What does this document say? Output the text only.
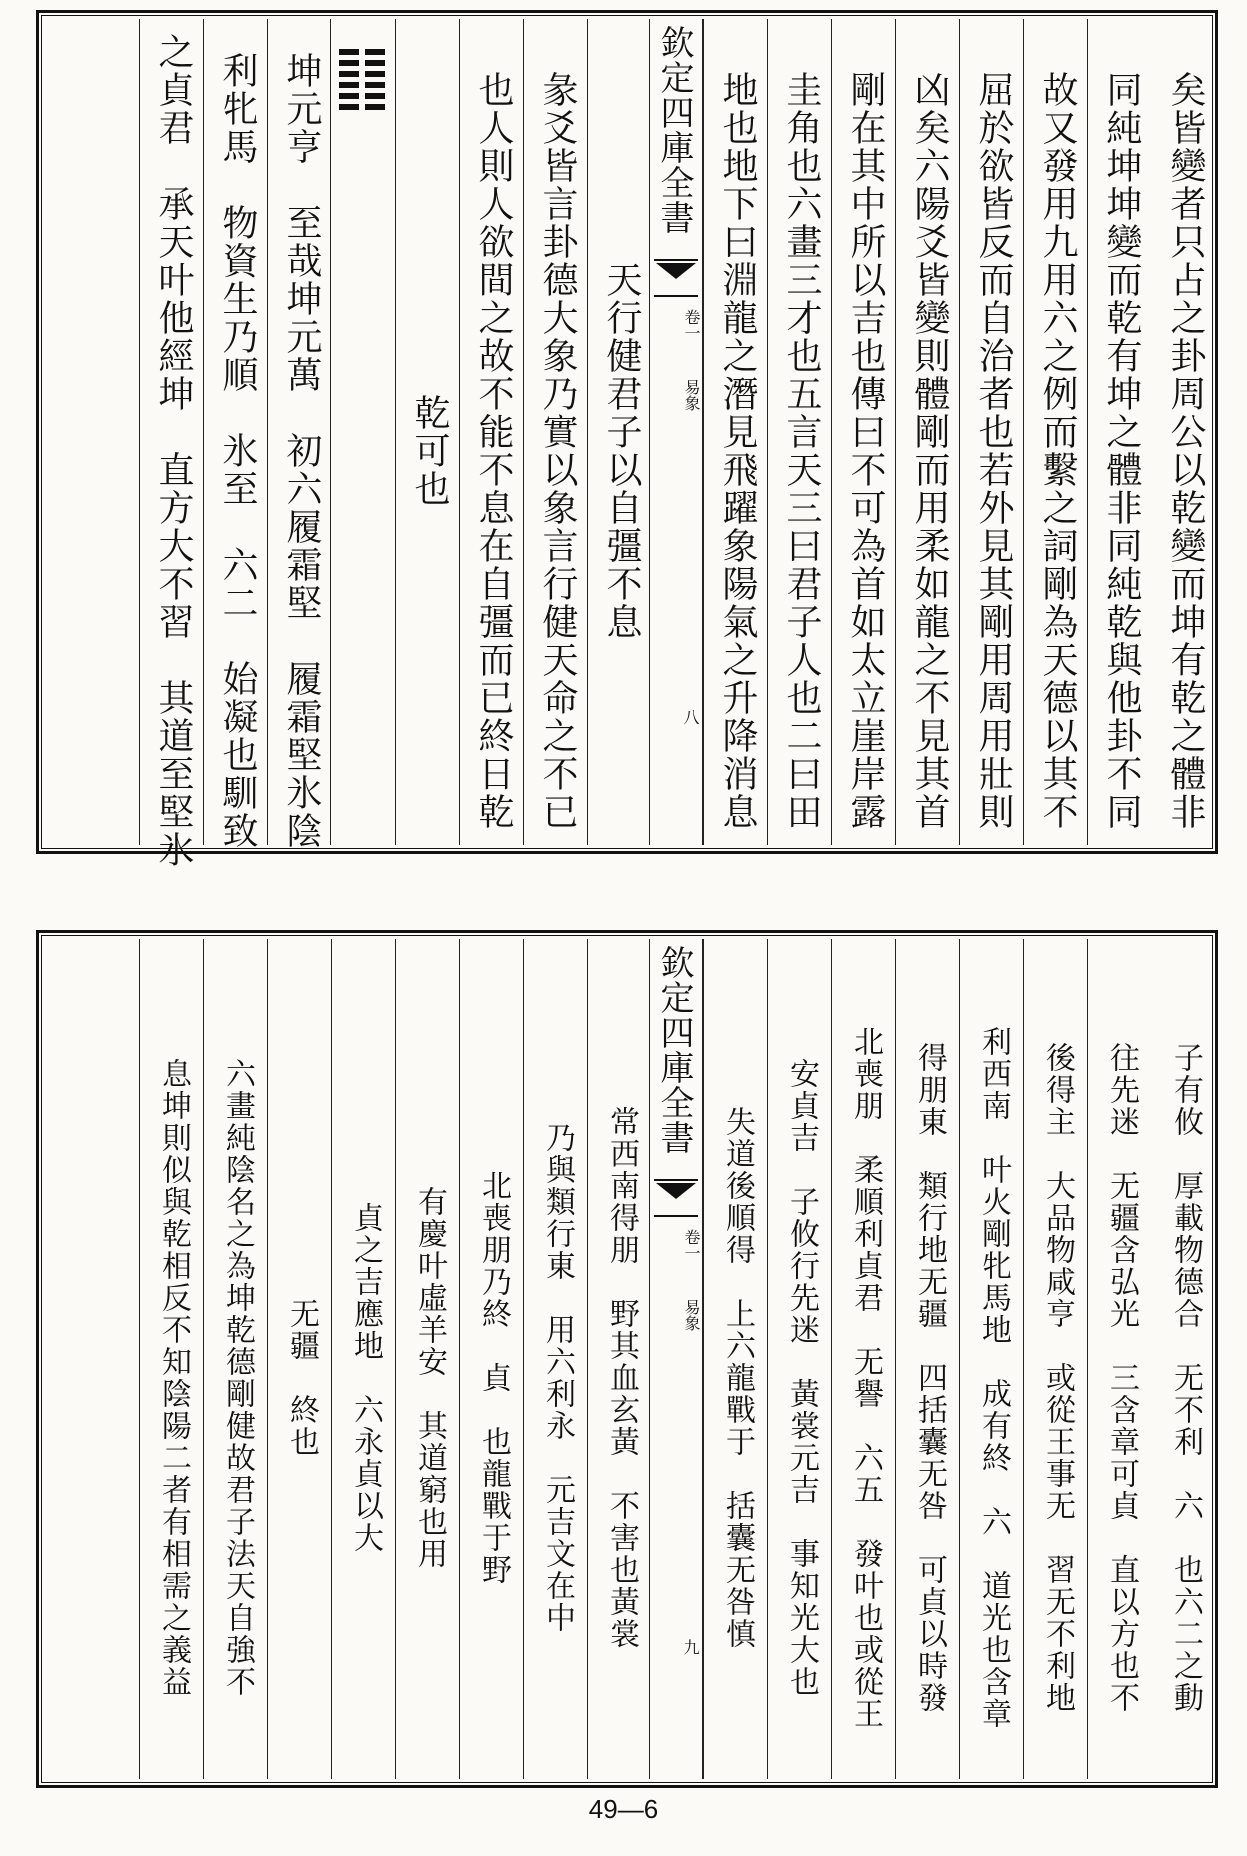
矣皆變者只占之卦周公以乾變而坤有乾之體非
同純坤坤變而乾有坤之體非同純乾與他卦不同
故又發用九用六之例而繫之詞剛為天德以其不
屈於欲皆反而自治者也若外見其剛用周用壯則
凶矣六陽爻皆變則體剛而用柔如龍之不見其首
剛在其中所以吉也傳曰不可為首如太立崖岸露
圭角也六畫三才也五言天三曰君子人也二曰田
地也地下曰淵龍之潛見飛躍象陽氣之升降消息
欽定四庫全書
卷一
易象
八
天行健君子以自彊不息
彖爻皆言卦德大象乃實以象言行健天命之不已
也人則人欲間之故不能不息在自彊而已終日乾
乾可也
坤元亨　至哉坤元萬　初六履霜堅　履霜堅氷陰
利牝馬　物資生乃順　氷至　六二　始凝也馴致
之貞君　承天叶他經坤　直方大不習　其道至堅氷
子有攸　厚載物德合　无不利　六　也六二之動
往先迷　无疆含弘光　三含章可貞　直以方也不
後得主　大品物咸亨　或從王事无　習无不利地
利西南　叶火剛牝馬地　成有終　六　道光也含章
得朋東　類行地无疆　四括囊无咎　可貞以時發
北喪朋　柔順利貞君　无譽　六五　發叶也或從王
安貞吉　子攸行先迷　黃裳元吉　事知光大也
失道後順得　上六龍戰于　括囊无咎慎
欽定四庫全書
卷一
易象
九
常西南得朋　野其血玄黃　不害也黃裳
乃與類行東　用六利永　元吉文在中
北喪朋乃終　貞　也龍戰于野
有慶叶虛羊安　其道窮也用
貞之吉應地　六永貞以大
无疆　終也
六畫純陰名之為坤乾德剛健故君子法天自強不
息坤則似與乾相反不知陰陽二者有相需之義益
49—6
